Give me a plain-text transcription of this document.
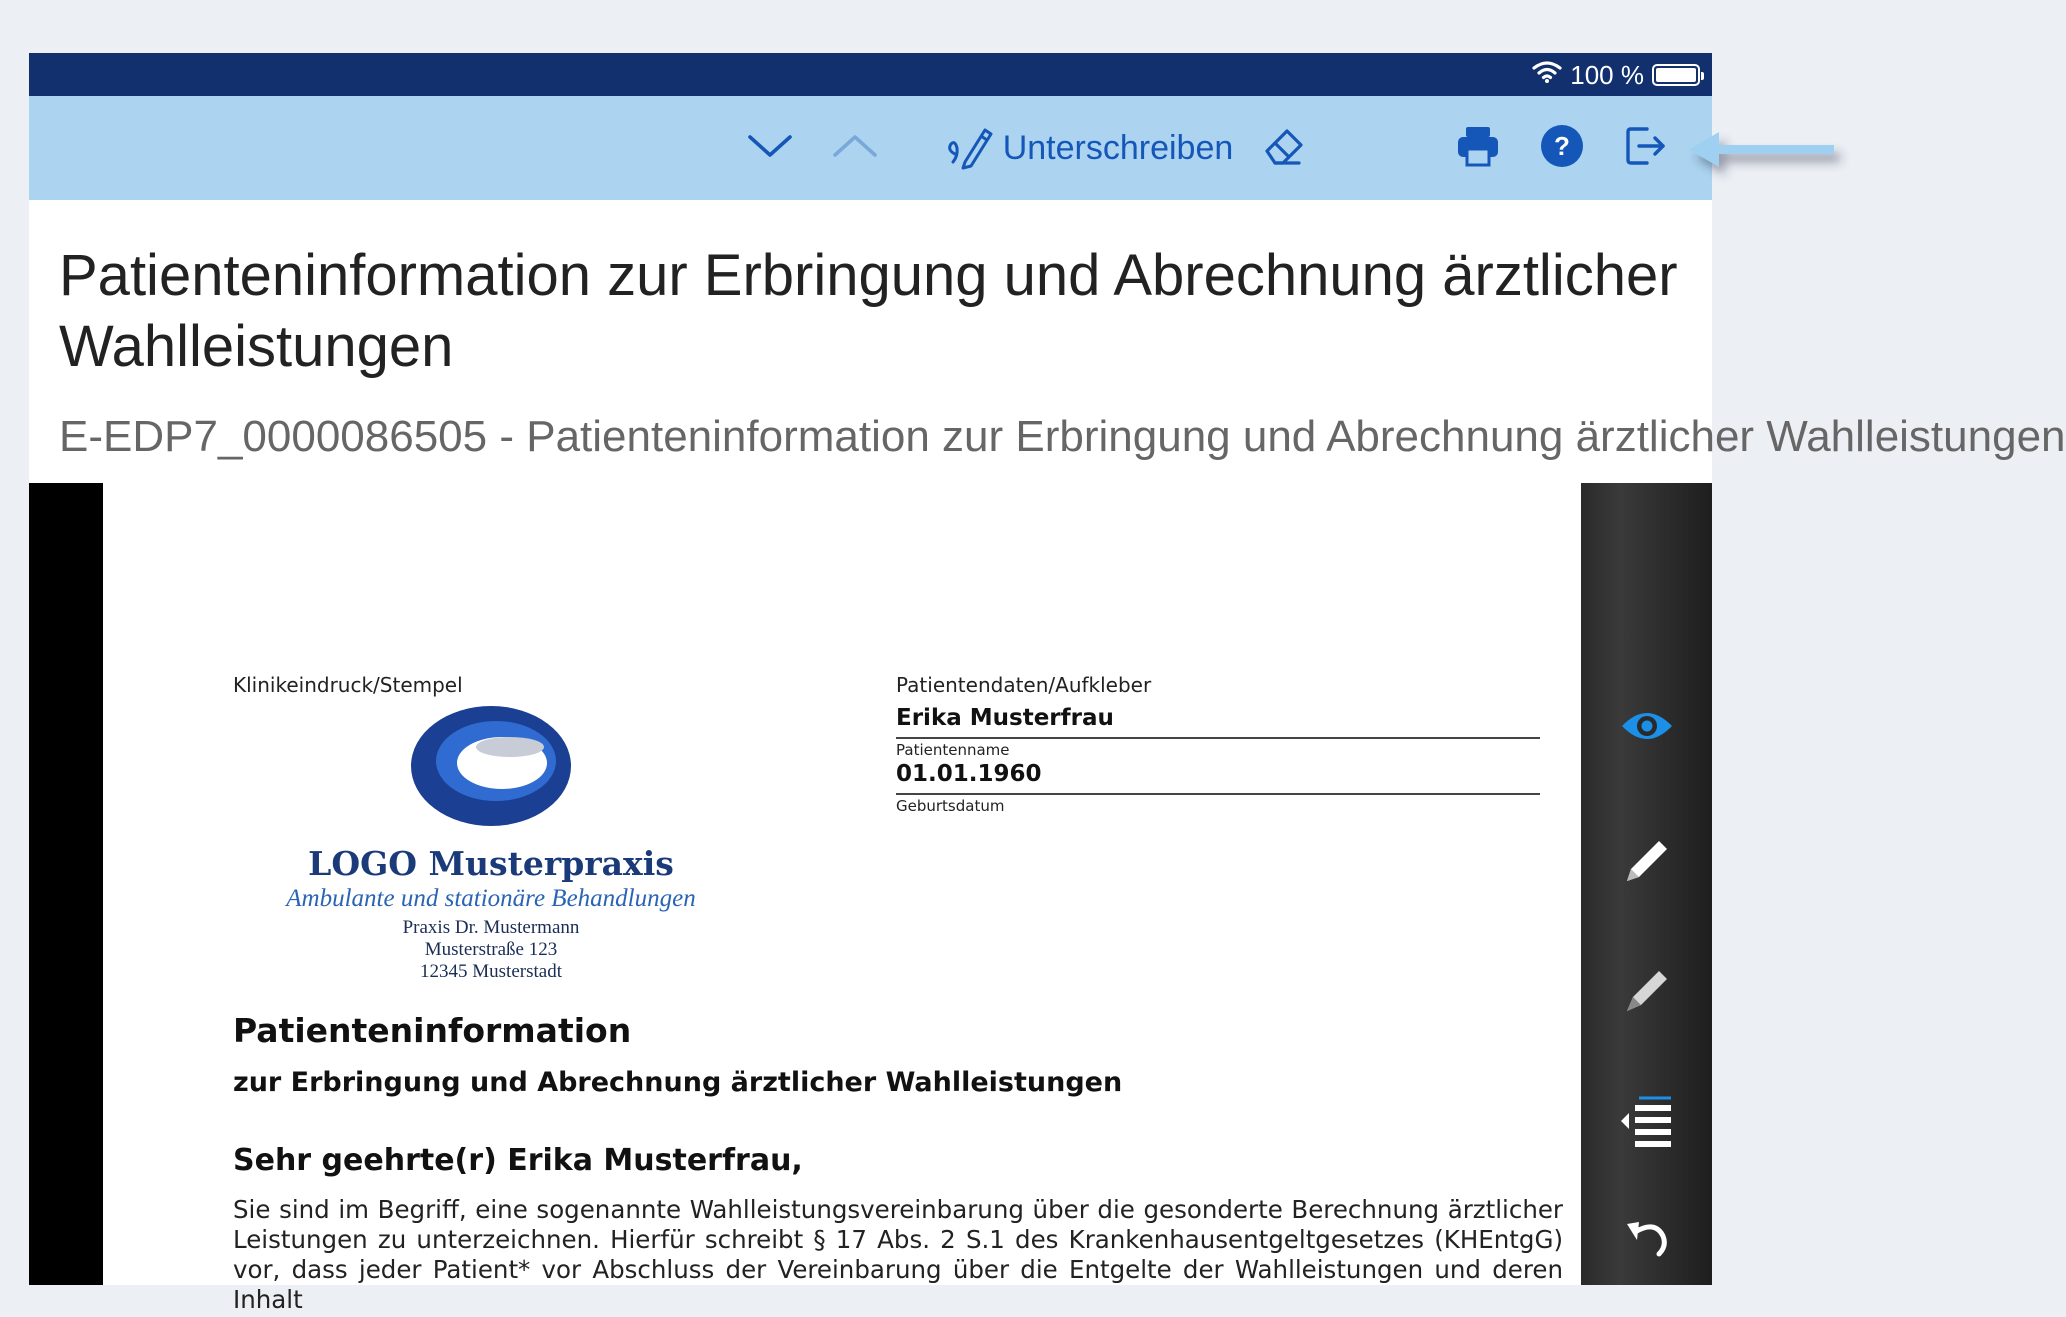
100 %
Unterschreiben	?
Patienteninformation zur Erbringung und Abrechnung ärztlicher Wahlleistungen
E-EDP7_0000086505 - Patienteninformation zur Erbringung und Abrechnung ärztlicher Wahlleistungen
Klinikeindruck/Stempel
LOGO Musterpraxis
Ambulante und stationäre Behandlungen
Praxis Dr. Mustermann
Musterstraße 123
12345 Musterstadt
Patientendaten/Aufkleber
Erika Musterfrau
Patientenname
01.01.1960
Geburtsdatum
Patienteninformation
zur Erbringung und Abrechnung ärztlicher Wahlleistungen
Sehr geehrte(r) Erika Musterfrau,
Sie sind im Begriff, eine sogenannte Wahlleistungsvereinbarung über die gesonderte Berechnung ärztlicher Leistungen zu unterzeichnen. Hierfür schreibt § 17 Abs. 2 S.1 des Krankenhausentgeltgesetzes (KHEntgG) vor, dass jeder Patient* vor Abschluss der Vereinbarung über die Entgelte der Wahlleistungen und deren Inhalt
